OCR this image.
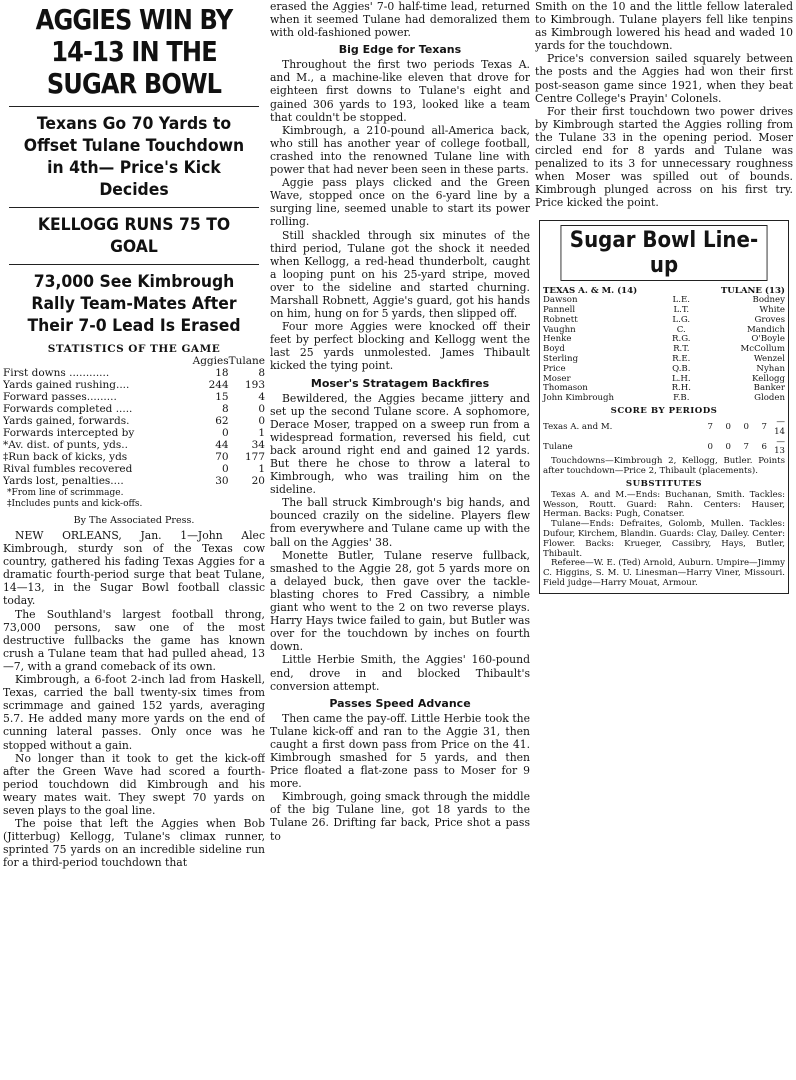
AGGIES WIN BY 14-13 IN THE SUGAR BOWL
Texans Go 70 Yards to Offset Tulane Touchdown in 4th— Price's Kick Decides
KELLOGG RUNS 75 TO GOAL
73,000 See Kimbrough Rally Team-Mates After Their 7-0 Lead Is Erased
STATISTICS OF THE GAME
	Aggies	Tulane
First downs ............	18	8
Yards gained rushing....	244	193
Forward passes.........	15	4
Forwards completed .....	8	0
Yards gained, forwards.	62	0
Forwards intercepted by	0	1
*Av. dist. of punts, yds..	44	34
‡Run back of kicks, yds	70	177
Rival fumbles recovered	0	1
Yards lost, penalties....	30	20
*From line of scrimmage.
‡Includes punts and kick-offs.
By The Associated Press.

NEW ORLEANS, Jan. 1—John Alec Kimbrough, sturdy son of the Texas cow country, gathered his fading Texas Aggies for a dramatic fourth-period surge that beat Tulane, 14—13, in the Sugar Bowl football classic today.

The Southland's largest football throng, 73,000 persons, saw one of the most destructive fullbacks the game has known crush a Tulane team that had pulled ahead, 13—7, with a grand comeback of its own.

Kimbrough, a 6-foot 2-inch lad from Haskell, Texas, carried the ball twenty-six times from scrimmage and gained 152 yards, averaging 5.7. He added many more yards on the end of cunning lateral passes. Only once was he stopped without a gain.

No longer than it took to get the kick-off after the Green Wave had scored a fourth-period touchdown did Kimbrough and his weary mates wait. They swept 70 yards on seven plays to the goal line.

The poise that left the Aggies when Bob (Jitterbug) Kellogg, Tulane's climax runner, sprinted 75 yards on an incredible sideline run for a third-period touchdown that

erased the Aggies' 7-0 half-time lead, returned when it seemed Tulane had demoralized them with old-fashioned power.

Big Edge for Texans

Throughout the first two periods Texas A. and M., a machine-like eleven that drove for eighteen first downs to Tulane's eight and gained 306 yards to 193, looked like a team that couldn't be stopped.

Kimbrough, a 210-pound all-America back, who still has another year of college football, crashed into the renowned Tulane line with power that had never been seen in these parts.

Aggie pass plays clicked and the Green Wave, stopped once on the 6-yard line by a surging line, seemed unable to start its power rolling.

Still shackled through six minutes of the third period, Tulane got the shock it needed when Kellogg, a red-head thunderbolt, caught a looping punt on his 25-yard stripe, moved over to the sideline and started churning. Marshall Robnett, Aggie's guard, got his hands on him, hung on for 5 yards, then slipped off.

Four more Aggies were knocked off their feet by perfect blocking and Kellogg went the last 25 yards unmolested. James Thibault kicked the tying point.

Moser's Stratagem Backfires

Bewildered, the Aggies became jittery and set up the second Tulane score. A sophomore, Derace Moser, trapped on a sweep run from a widespread formation, reversed his field, cut back around right end and gained 12 yards. But there he chose to throw a lateral to Kimbrough, who was trailing him on the sideline.

The ball struck Kimbrough's big hands, and bounced crazily on the sideline. Players flew from everywhere and Tulane came up with the ball on the Aggies' 38.

Monette Butler, Tulane reserve fullback, smashed to the Aggie 28, got 5 yards more on a delayed buck, then gave over the tackle-blasting chores to Fred Cassibry, a nimble giant who went to the 2 on two reverse plays. Harry Hays twice failed to gain, but Butler was over for the touchdown by inches on fourth down.

Little Herbie Smith, the Aggies' 160-pound end, drove in and blocked Thibault's conversion attempt.

Passes Speed Advance

Then came the pay-off. Little Herbie took the Tulane kick-off and ran to the Aggie 31, then caught a first down pass from Price on the 41. Kimbrough smashed for 5 yards, and then Price floated a flat-zone pass to Moser for 9 more.

Kimbrough, going smack through the middle of the big Tulane line, got 18 yards to the Tulane 26. Drifting far back, Price shot a pass to

Smith on the 10 and the little fellow lateraled to Kimbrough. Tulane players fell like tenpins as Kimbrough lowered his head and waded 10 yards for the touchdown.

Price's conversion sailed squarely between the posts and the Aggies had won their first post-season game since 1921, when they beat Centre College's Prayin' Colonels.

For their first touchdown two power drives by Kimbrough started the Aggies rolling from the Tulane 33 in the opening period. Moser circled end for 8 yards and Tulane was penalized to its 3 for unnecessary roughness when Moser was spilled out of bounds. Kimbrough plunged across on his first try. Price kicked the point.

Sugar Bowl Line-up
TEXAS A. & M. (14)		TULANE (13)
Dawson	L.E.	Bodney
Pannell	L.T.	White
Robnett	L.G.	Groves
Vaughn	C.	Mandich
Henke	R.G.	O'Boyle
Boyd	R.T.	McCollum
Sterling	R.E.	Wenzel
Price	Q.B.	Nyhan
Moser	L.H.	Kellogg
Thomason	R.H.	Banker
John Kimbrough	F.B.	Gloden
SCORE BY PERIODS
Texas A. and M.	7	0	0	7	—14
Tulane	0	0	7	6	—13

Touchdowns—Kimbrough 2, Kellogg, Butler. Points after touchdown—Price 2, Thibault (placements).

SUBSTITUTES

Texas A. and M.—Ends: Buchanan, Smith. Tackles: Wesson, Routt. Guard: Rahn. Centers: Hauser, Herman. Backs: Pugh, Conatser.

Tulane—Ends: Defraites, Golomb, Mullen. Tackles: Dufour, Kirchem, Blandin. Guards: Clay, Dailey. Center: Flower. Backs: Krueger, Cassibry, Hays, Butler, Thibault.

Referee—W. E. (Ted) Arnold, Auburn. Umpire—Jimmy C. Higgins, S. M. U. Linesman—Harry Viner, Missouri. Field judge—Harry Mouat, Armour.
